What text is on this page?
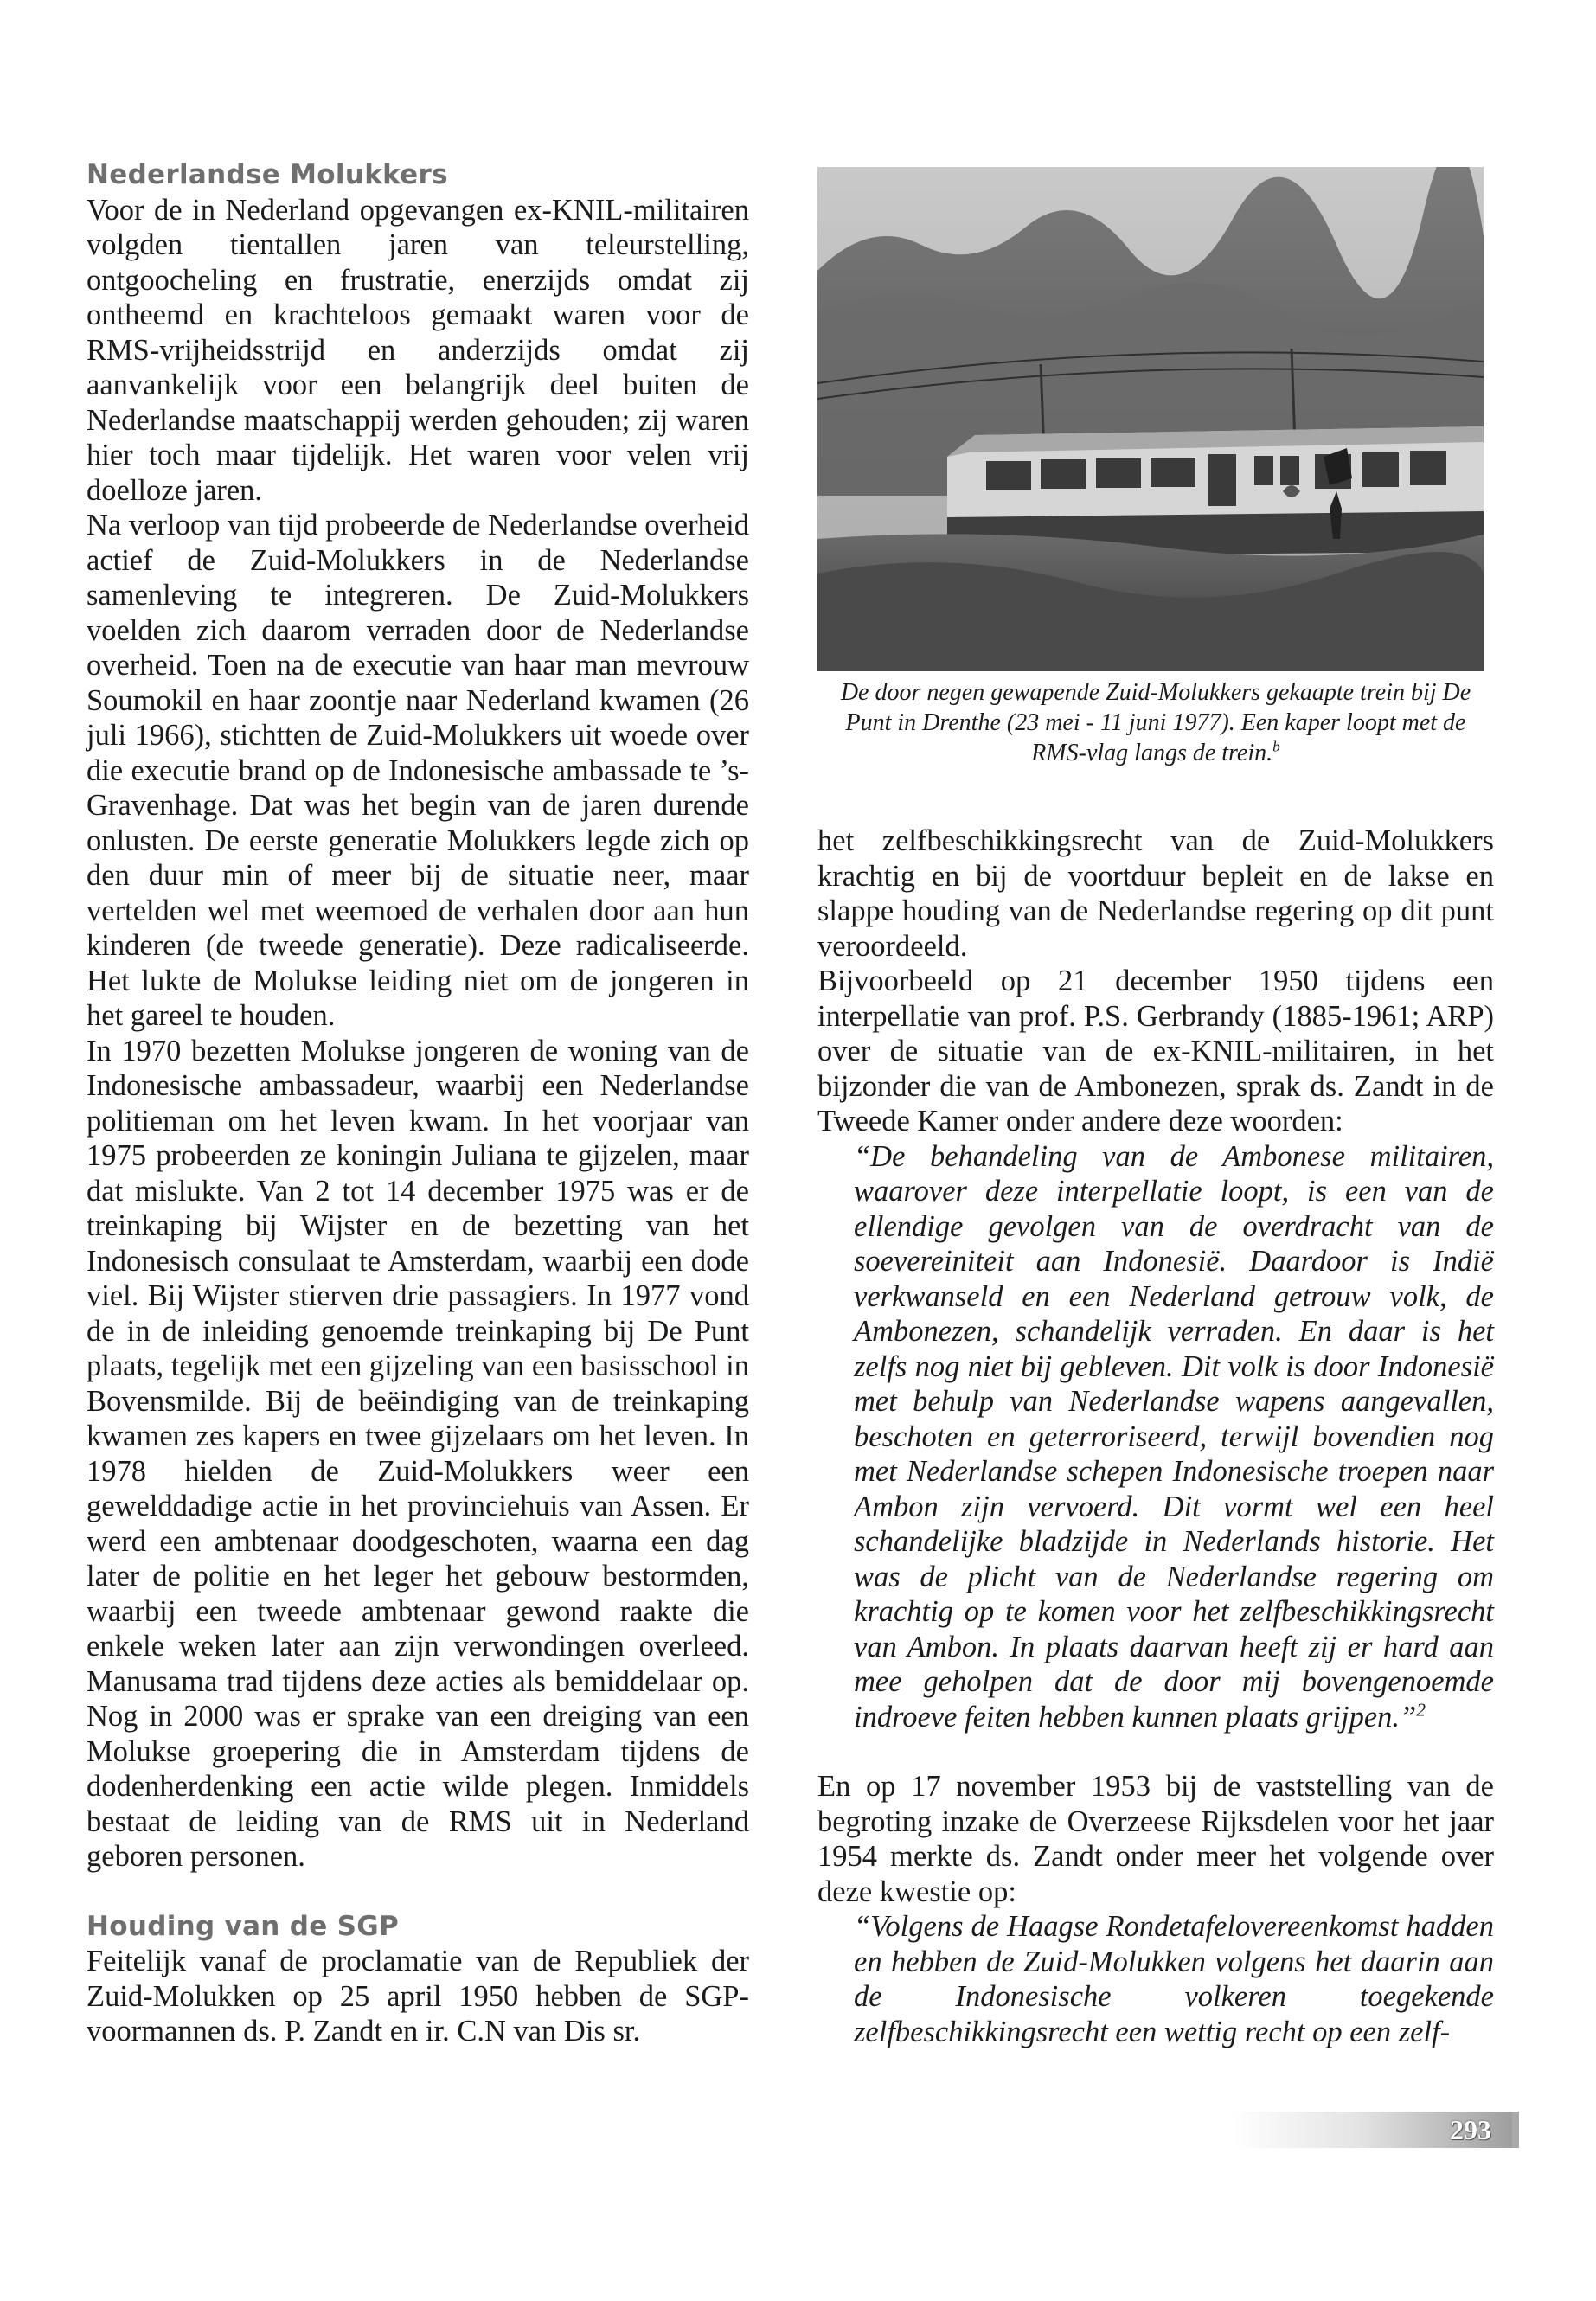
Nederlandse Molukkers

Voor de in Nederland opgevangen ex-KNIL-militairen volgden tientallen jaren van teleurstelling, ontgoocheling en frustratie, enerzijds omdat zij ontheemd en krachteloos gemaakt waren voor de RMS-vrijheidsstrijd en anderzijds omdat zij aanvankelijk voor een belangrijk deel buiten de Nederlandse maatschappij werden gehouden; zij waren hier toch maar tijdelijk. Het waren voor velen vrij doelloze jaren.

Na verloop van tijd probeerde de Nederlandse overheid actief de Zuid-Molukkers in de Nederlandse samenleving te integreren. De Zuid-Molukkers voelden zich daarom verraden door de Nederlandse overheid. Toen na de executie van haar man mevrouw Soumokil en haar zoontje naar Nederland kwamen (26 juli 1966), stichtten de Zuid-Molukkers uit woede over die executie brand op de Indonesische ambassade te ’s-Gravenhage. Dat was het begin van de jaren durende onlusten. De eerste generatie Molukkers legde zich op den duur min of meer bij de situatie neer, maar vertelden wel met weemoed de verhalen door aan hun kinderen (de tweede generatie). Deze radicaliseerde. Het lukte de Molukse leiding niet om de jongeren in het gareel te houden.

In 1970 bezetten Molukse jongeren de woning van de Indonesische ambassadeur, waarbij een Nederlandse politieman om het leven kwam. In het voorjaar van 1975 probeerden ze koningin Juliana te gijzelen, maar dat mislukte. Van 2 tot 14 december 1975 was er de treinkaping bij Wijster en de bezetting van het Indonesisch consulaat te Amsterdam, waarbij een dode viel. Bij Wijster stierven drie passagiers. In 1977 vond de in de inleiding genoemde treinkaping bij De Punt plaats, tegelijk met een gijzeling van een basisschool in Bovensmilde. Bij de beëindiging van de treinkaping kwamen zes kapers en twee gijzelaars om het leven. In 1978 hielden de Zuid-Molukkers weer een gewelddadige actie in het provinciehuis van Assen. Er werd een ambtenaar doodgeschoten, waarna een dag later de politie en het leger het gebouw bestormden, waarbij een tweede ambtenaar gewond raakte die enkele weken later aan zijn verwondingen overleed. Manusama trad tijdens deze acties als bemiddelaar op. Nog in 2000 was er sprake van een dreiging van een Molukse groepering die in Amsterdam tijdens de dodenherdenking een actie wilde plegen. Inmiddels bestaat de leiding van de RMS uit in Nederland geboren personen.

Houding van de SGP

Feitelijk vanaf de proclamatie van de Republiek der Zuid-Molukken op 25 april 1950 hebben de SGP-voormannen ds. P. Zandt en ir. C.N van Dis sr.

De door negen gewapende Zuid-Molukkers gekaapte trein bij De Punt in Drenthe (23 mei - 11 juni 1977). Een kaper loopt met de RMS-vlag langs de trein.$^b$

het zelfbeschikkingsrecht van de Zuid-Molukkers krachtig en bij de voortduur bepleit en de lakse en slappe houding van de Nederlandse regering op dit punt veroordeeld.

Bijvoorbeeld op 21 december 1950 tijdens een interpellatie van prof. P.S. Gerbrandy (1885-1961; ARP) over de situatie van de ex-KNIL-militairen, in het bijzonder die van de Ambonezen, sprak ds. Zandt in de Tweede Kamer onder andere deze woorden:

“De behandeling van de Ambonese militairen, waarover deze interpellatie loopt, is een van de ellendige gevolgen van de overdracht van de soevereiniteit aan Indonesië. Daardoor is Indië verkwanseld en een Nederland getrouw volk, de Ambonezen, schandelijk verraden. En daar is het zelfs nog niet bij gebleven. Dit volk is door Indonesië met behulp van Nederlandse wapens aangevallen, beschoten en geterroriseerd, terwijl bovendien nog met Nederlandse schepen Indonesische troepen naar Ambon zijn vervoerd. Dit vormt wel een heel schandelijke bladzijde in Nederlands historie. Het was de plicht van de Nederlandse regering om krachtig op te komen voor het zelfbeschikkingsrecht van Ambon. In plaats daarvan heeft zij er hard aan mee geholpen dat de door mij bovengenoemde indroeve feiten hebben kunnen plaats grijpen.”$^2$

En op 17 november 1953 bij de vaststelling van de begroting inzake de Overzeese Rijksdelen voor het jaar 1954 merkte ds. Zandt onder meer het volgende over deze kwestie op:

“Volgens de Haagse Rondetafelovereenkomst hadden en hebben de Zuid-Molukken volgens het daarin aan de Indonesische volkeren toegekende zelfbeschikkingsrecht een wettig recht op een zelf-

293
